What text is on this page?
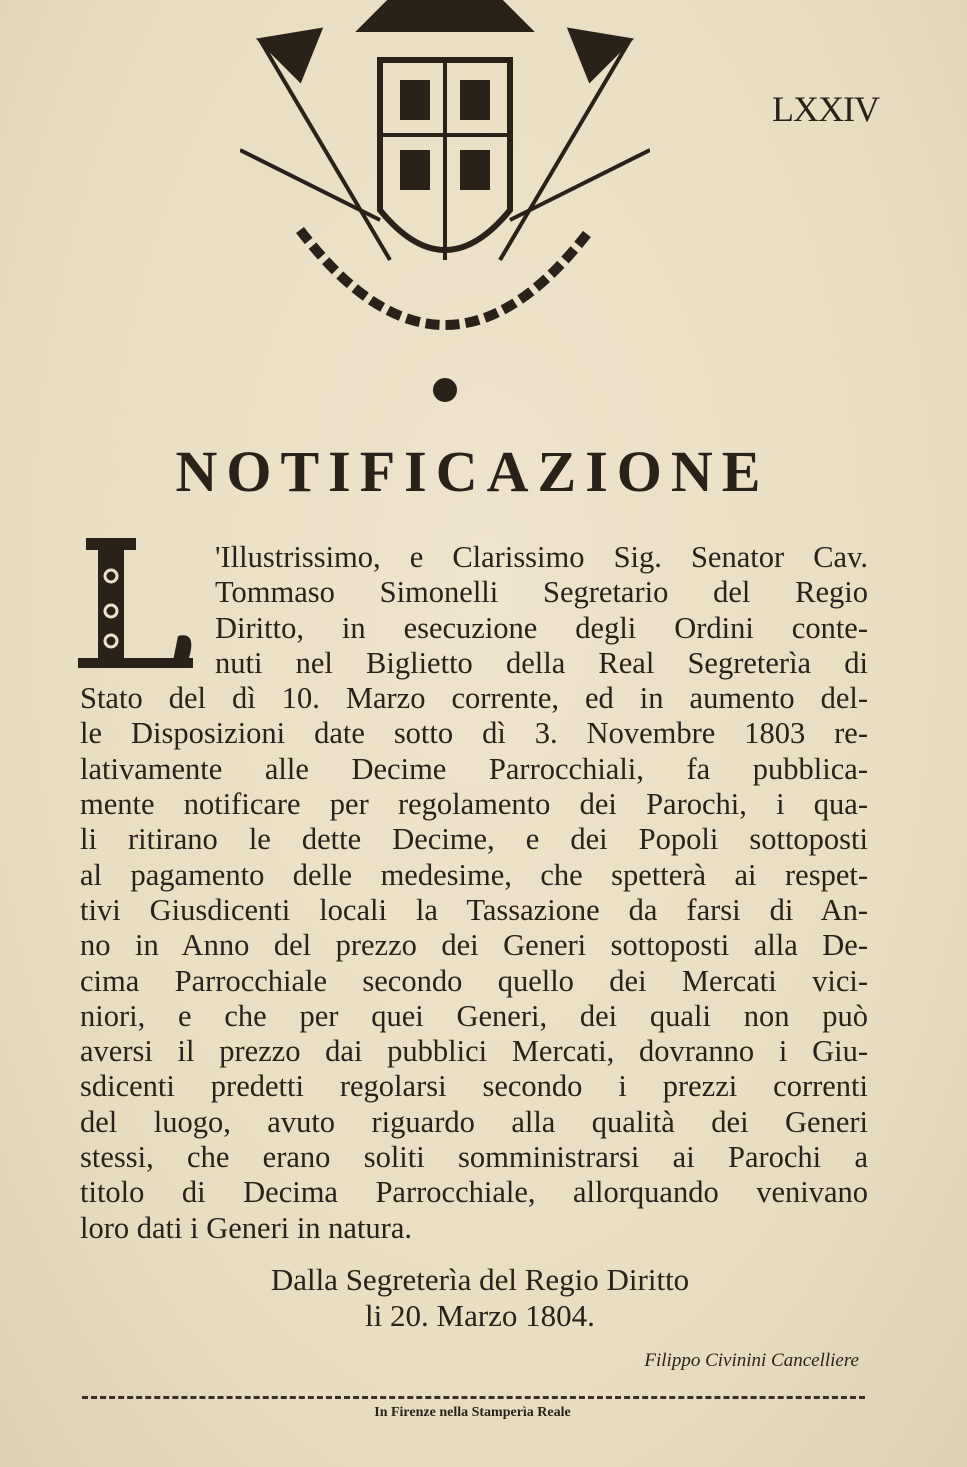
LXXIV
NOTIFICAZIONE
L
'Illustrissimo, e Clarissimo Sig. Senator Cav.
Tommaso Simonelli Segretario del Regio
Diritto, in esecuzione degli Ordini conte-
nuti nel Biglietto della Real Segreterìa di
Stato del dì 10. Marzo corrente, ed in aumento del-
le Disposizioni date sotto dì 3. Novembre 1803 re-
lativamente alle Decime Parrocchiali, fa pubblica-
mente notificare per regolamento dei Parochi, i qua-
li ritirano le dette Decime, e dei Popoli sottoposti
al pagamento delle medesime, che spetterà ai respet-
tivi Giusdicenti locali la Tassazione da farsi di An-
no in Anno del prezzo dei Generi sottoposti alla De-
cima Parrocchiale secondo quello dei Mercati vici-
niori, e che per quei Generi, dei quali non può
aversi il prezzo dai pubblici Mercati, dovranno i Giu-
sdicenti predetti regolarsi secondo i prezzi correnti
del luogo, avuto riguardo alla qualità dei Generi
stessi, che erano soliti somministrarsi ai Parochi a
titolo di Decima Parrocchiale, allorquando venivano
loro dati i Generi in natura.
Dalla Segreterìa del Regio Diritto
li 20. Marzo 1804.
Filippo Civinini Cancelliere
In Firenze nella Stamperìa Reale
